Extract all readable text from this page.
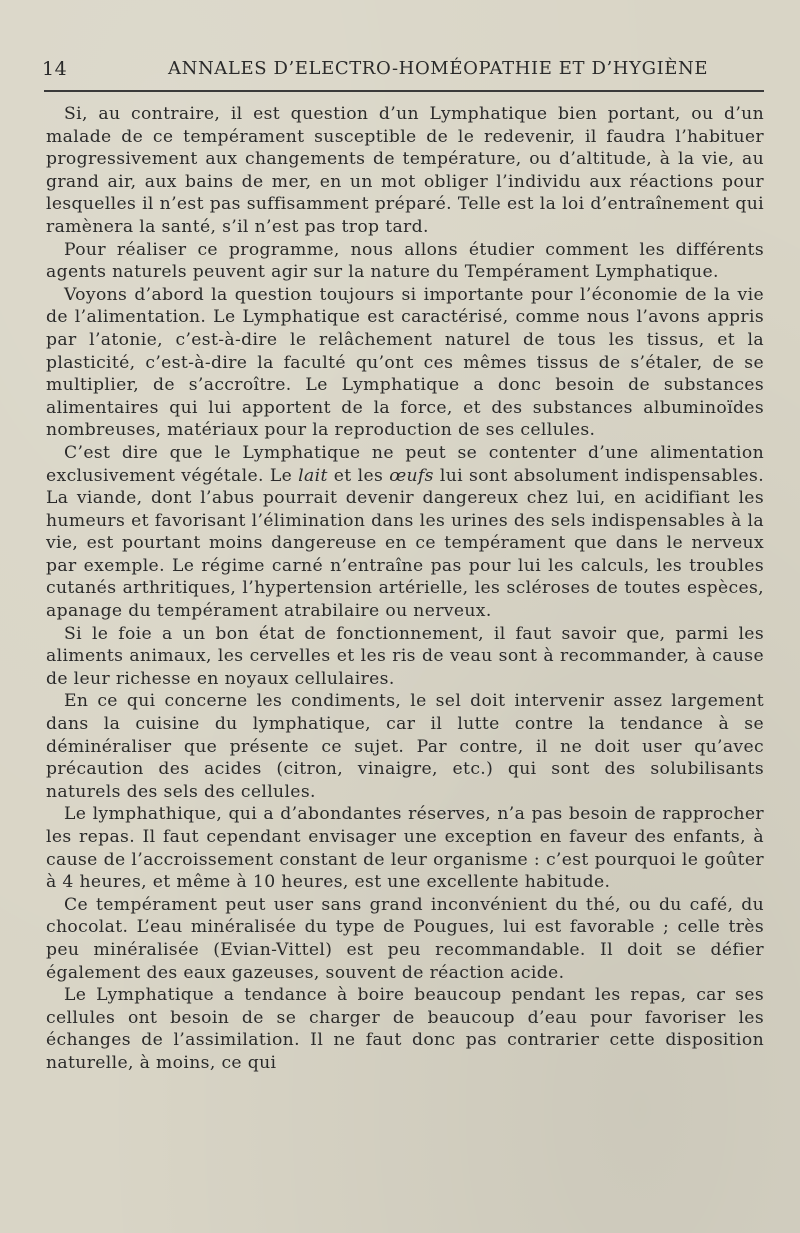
14	ANNALES D’ELECTRO-HOMÉOPATHIE ET D’HYGIÈNE

Si, au contraire, il est question d’un Lymphatique bien portant, ou d’un malade de ce tempérament susceptible de le redevenir, il faudra l’habituer progressivement aux changements de température, ou d’altitude, à la vie, au grand air, aux bains de mer, en un mot obliger l’individu aux réactions pour lesquelles il n’est pas suffisamment préparé. Telle est la loi d’entraînement qui ramènera la santé, s’il n’est pas trop tard.

Pour réaliser ce programme, nous allons étudier comment les différents agents naturels peuvent agir sur la nature du Tempérament Lymphatique.

Voyons d’abord la question toujours si importante pour l’économie de la vie de l’alimentation. Le Lymphatique est caractérisé, comme nous l’avons appris par l’atonie, c’est-à-dire le relâchement naturel de tous les tissus, et la plasticité, c’est-à-dire la faculté qu’ont ces mêmes tissus de s’étaler, de se multiplier, de s’accroître. Le Lymphatique a donc besoin de substances alimentaires qui lui apportent de la force, et des substances albuminoïdes nombreuses, matériaux pour la reproduction de ses cellules.

C’est dire que le Lymphatique ne peut se contenter d’une alimentation exclusivement végétale. Le lait et les œufs lui sont absolument indispensables. La viande, dont l’abus pourrait devenir dangereux chez lui, en acidifiant les humeurs et favorisant l’élimination dans les urines des sels indispensables à la vie, est pourtant moins dangereuse en ce tempérament que dans le nerveux par exemple. Le régime carné n’entraîne pas pour lui les calculs, les troubles cutanés arthritiques, l’hypertension artérielle, les scléroses de toutes espèces, apanage du tempérament atrabilaire ou nerveux.

Si le foie a un bon état de fonctionnement, il faut savoir que, parmi les aliments animaux, les cervelles et les ris de veau sont à recommander, à cause de leur richesse en noyaux cellulaires.

En ce qui concerne les condiments, le sel doit intervenir assez largement dans la cuisine du lymphatique, car il lutte contre la tendance à se déminéraliser que présente ce sujet. Par contre, il ne doit user qu’avec précaution des acides (citron, vinaigre, etc.) qui sont des solubilisants naturels des sels des cellules.

Le lymphathique, qui a d’abondantes réserves, n’a pas besoin de rapprocher les repas. Il faut cependant envisager une exception en faveur des enfants, à cause de l’accroissement constant de leur organisme : c’est pourquoi le goûter à 4 heures, et même à 10 heures, est une excellente habitude.

Ce tempérament peut user sans grand inconvénient du thé, ou du café, du chocolat. L’eau minéralisée du type de Pougues, lui est favorable ; celle très peu minéralisée (Evian-Vittel) est peu recommandable. Il doit se défier également des eaux gazeuses, souvent de réaction acide.

Le Lymphatique a tendance à boire beaucoup pendant les repas, car ses cellules ont besoin de se charger de beaucoup d’eau pour favoriser les échanges de l’assimilation. Il ne faut donc pas contrarier cette disposition naturelle, à moins, ce qui
